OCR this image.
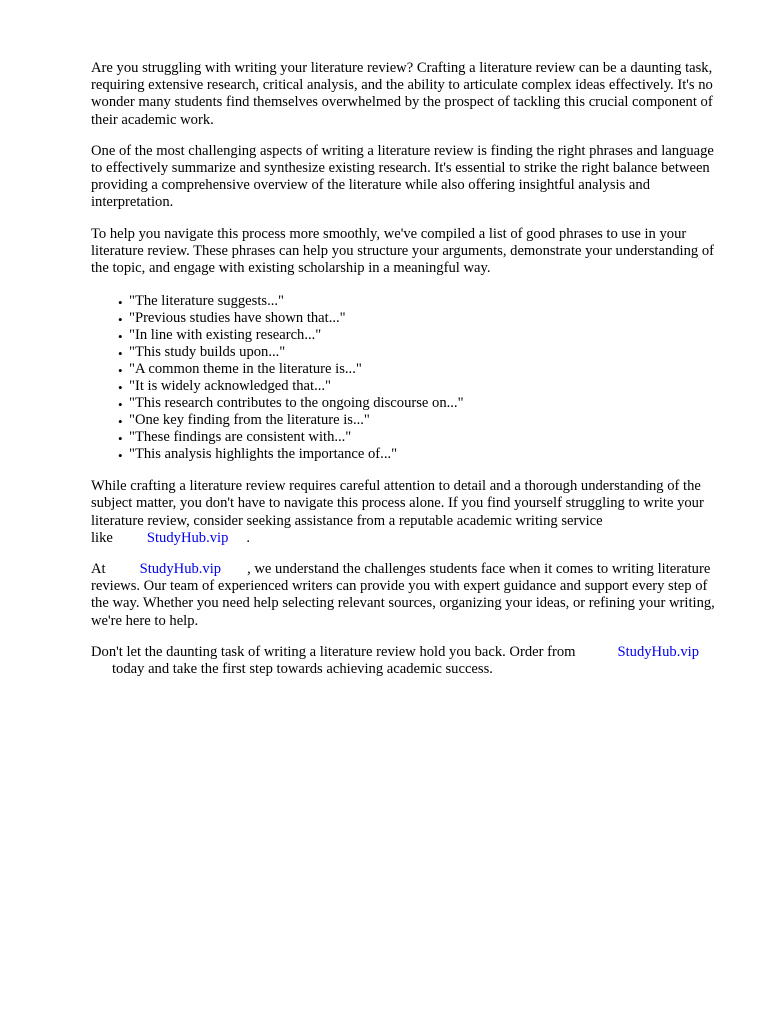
Are you struggling with writing your literature review? Crafting a literature review can be a daunting task, requiring extensive research, critical analysis, and the ability to articulate complex ideas effectively. It's no wonder many students find themselves overwhelmed by the prospect of tackling this crucial component of their academic work.

One of the most challenging aspects of writing a literature review is finding the right phrases and language to effectively summarize and synthesize existing research. It's essential to strike the right balance between providing a comprehensive overview of the literature while also offering insightful analysis and interpretation.

To help you navigate this process more smoothly, we've compiled a list of good phrases to use in your literature review. These phrases can help you structure your arguments, demonstrate your understanding of the topic, and engage with existing scholarship in a meaningful way.

• "The literature suggests..."
• "Previous studies have shown that..."
• "In line with existing research..."
• "This study builds upon..."
• "A common theme in the literature is..."
• "It is widely acknowledged that..."
• "This research contributes to the ongoing discourse on..."
• "One key finding from the literature is..."
• "These findings are consistent with..."
• "This analysis highlights the importance of..."

While crafting a literature review requires careful attention to detail and a thorough understanding of the subject matter, you don't have to navigate this process alone. If you find yourself struggling to write your literature review, consider seeking assistance from a reputable academic writing service like StudyHub.vip .

At StudyHub.vip , we understand the challenges students face when it comes to writing literature reviews. Our team of experienced writers can provide you with expert guidance and support every step of the way. Whether you need help selecting relevant sources, organizing your ideas, or refining your writing, we're here to help.

Don't let the daunting task of writing a literature review hold you back. Order from	StudyHub.vip
today and take the first step towards achieving academic success.
